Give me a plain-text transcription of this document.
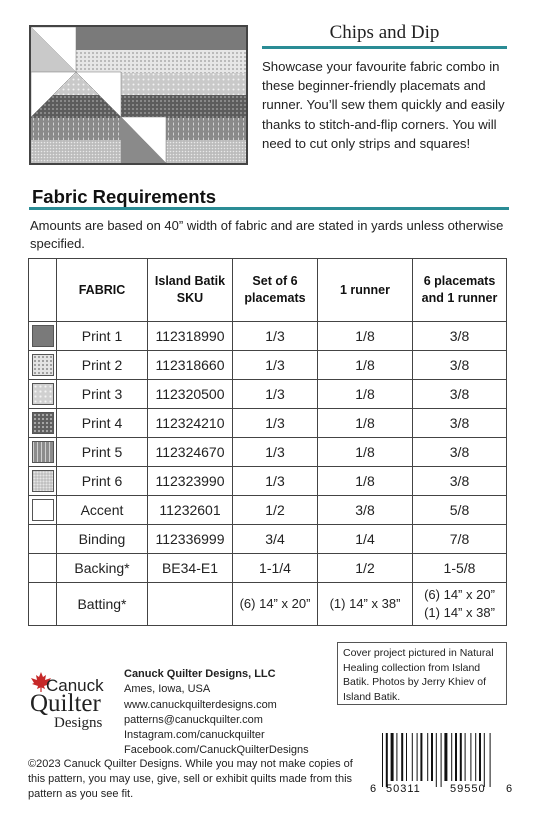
Chips and Dip
Showcase your favourite fabric combo in these beginner-friendly placemats and runner. You’ll sew them quickly and easily thanks to stitch-and-flip corners. You will need to cut only strips and squares!
Fabric Requirements
Amounts are based on 40” width of fabric and are stated in yards unless otherwise specified.
	FABRIC	Island Batik SKU	Set of 6 placemats	1 runner	6 placemats and 1 runner

	Print 1	112318990	1/3	1/8	3/8

	Print 2	112318660	1/3	1/8	3/8

	Print 3	112320500	1/3	1/8	3/8

	Print 4	112324210	1/3	1/8	3/8

	Print 5	112324670	1/3	1/8	3/8

	Print 6	112323990	1/3	1/8	3/8

	Accent	11232601	1/2	3/8	5/8
	Binding	112336999	3/4	1/4	7/8
	Backing*	BE34-E1	1-1/4	1/2	1-5/8
	Batting*		(6) 14” x 20”	(1) 14” x 38”	(6) 14” x 20”
(1) 14” x 38”
Cover project pictured in Natural Healing collection from Island Batik. Photos by Jerry Khiev of Island Batik.
Canuck
Quilter
Designs
Canuck Quilter Designs, LLC
Ames, Iowa, USA
www.canuckquilterdesigns.com
patterns@canuckquilter.com
Instagram.com/canuckquilter
Facebook.com/CanuckQuilterDesigns
©2023 Canuck Quilter Designs. While you may not make copies of this pattern, you may use, give, sell or exhibit quilts made from this pattern as you see fit.	6 50311	59550 6
